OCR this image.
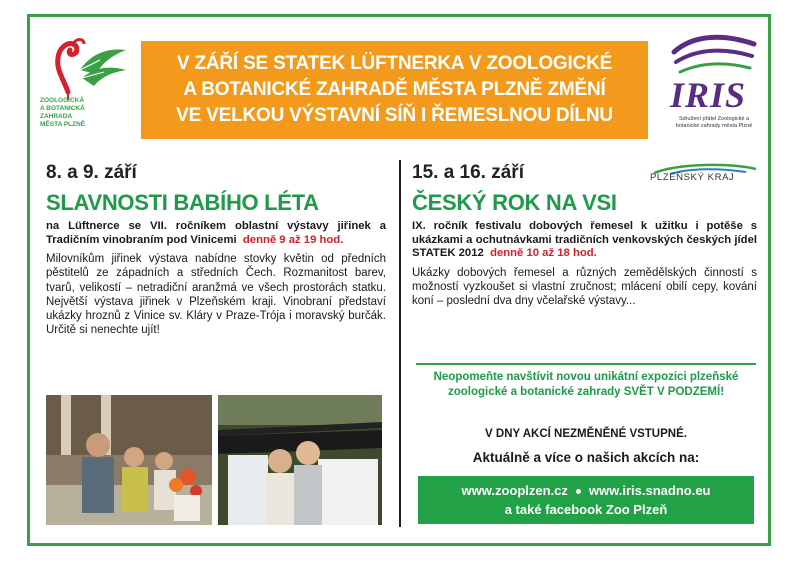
ZOOLOGICKÁ
A BOTANICKÁ
ZAHRADA
MĚSTA PLZNĚ
V ZÁŘÍ SE STATEK LÜFTNERKA V ZOOLOGICKÉ
A BOTANICKÉ ZAHRADĚ MĚSTA PLZNĚ ZMĚNÍ
VE VELKOU VÝSTAVNÍ SÍŇ I ŘEMESLNOU DÍLNU
IRIS
Sdružení přátel Zoologické a botanické zahrady města Plzně
PLZEŇSKÝ KRAJ

8. a 9. září

SLAVNOSTI BABÍHO LÉTA

na Lüftnerce se VII. ročníkem oblastní výstavy jiřinek a Tradičním vinobraním pod Vinicemi denně 9 až 19 hod.

Milovníkům jiřinek výstava nabídne stovky květin od předních pěstitelů ze západních a středních Čech. Rozmanitost barev, tvarů, velikostí – netradiční aranžmá ve všech prostorách statku. Největší výstava jiřinek v Plzeňském kraji. Vinobraní představí ukázky hroznů z Vinice sv. Kláry v Praze-Trója i moravský burčák. Určitě si nenechte ujít!

15. a 16. září

ČESKÝ ROK NA VSI

IX. ročník festivalu dobových řemesel k užitku i potěše s ukázkami a ochutnávkami tradičních venkovských českých jídel STATEK 2012 denně 10 až 18 hod.

Ukázky dobových řemesel a různých zemědělských činností s možností vyzkoušet si vlastní zručnost; mlácení obilí cepy, kování koní – poslední dva dny včelařské výstavy...

Neopomeňte navštívit novou unikátní expozici plzeňské zoologické a botanické zahrady SVĚT V PODZEMÍ!
V DNY AKCÍ NEZMĚNĚNÉ VSTUPNÉ.
Aktuálně a více o našich akcích na:
www.zooplzen.cz www.iris.snadno.eu
a také facebook Zoo Plzeň
